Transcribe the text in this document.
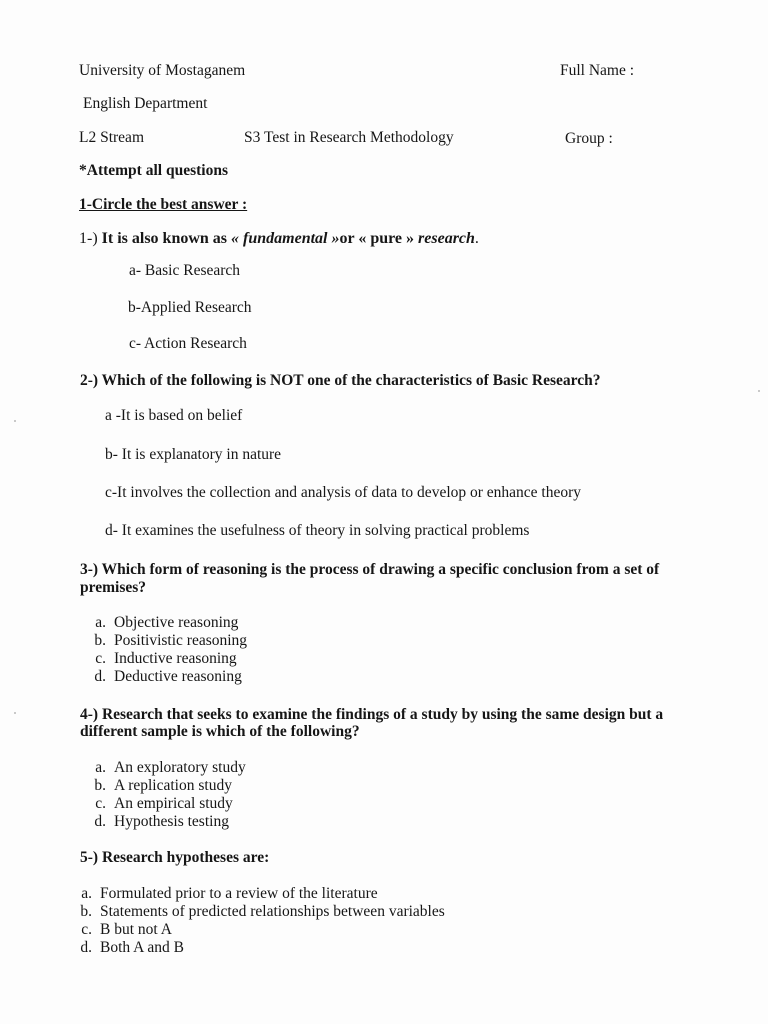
University of Mostaganem	Full Name :
English Department
L2 Stream	S3 Test in Research Methodology	Group :
*Attempt all questions
1-Circle the best answer :
1-) It is also known as « fundamental »or « pure » research.
a- Basic Research
b-Applied Research
c- Action Research
2-) Which of the following is NOT one of the characteristics of Basic Research?
a -It is based on belief
b- It is explanatory in nature
c-It involves the collection and analysis of data to develop or enhance theory
d- It examines the usefulness of theory in solving practical problems
3-) Which form of reasoning is the process of drawing a specific conclusion from a set of
premises?
a. Objective reasoning
b. Positivistic reasoning
c. Inductive reasoning
d. Deductive reasoning
4-) Research that seeks to examine the findings of a study by using the same design but a
different sample is which of the following?
a. An exploratory study
b. A replication study
c. An empirical study
d. Hypothesis testing
5-) Research hypotheses are:
a. Formulated prior to a review of the literature
b. Statements of predicted relationships between variables
c. B but not A
d. Both A and B
